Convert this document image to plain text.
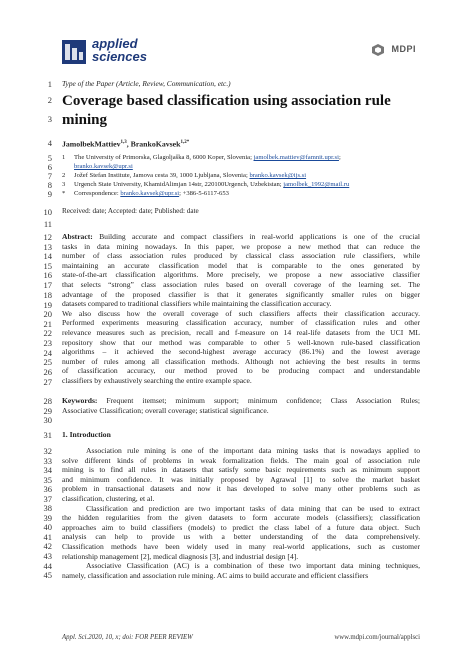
applied
sciences	MDPI
1
2
3
4
5
6
7
8
9
10
11
12
13
14
15
16
17
18
19
20
21
22
23
24
25
26
27
28
29
30
31
32
33
34
35
36
37
38
39
40
41
42
43
44
45
Type of the Paper (Article, Review, Communication, etc.)
Coverage based classification using association rule
mining
JamolbekMattiev$^{1,3}$, BrankoKavsek$^{1,2*}$
1 The University of Primorska, Glagoljaška 8, 6000 Koper, Slovenia; jamolbek.mattiev@famnit.upr.si;
branko.kavsek@upr.si
2 Jožef Stefan Institute, Jamova cesta 39, 1000 Ljubljana, Slovenia; branko.kavsek@ijs.si
3 Urgench State University, KhamidAlimjan 14str, 220100Urgench, Uzbekistan; jamolbek_1992@mail.ru
* Correspondence: branko.kavsek@upr.si; +386-5-6117-653
Received: date; Accepted: date; Published: date
Abstract: Building accurate and compact classifiers in real-world applications is one of the crucial
tasks in data mining nowadays. In this paper, we propose a new method that can reduce the
number of class association rules produced by classical class association rule classifiers, while
maintaining an accurate classification model that is comparable to the ones generated by
state-of-the-art classification algorithms. More precisely, we propose a new associative classifier
that selects “strong” class association rules based on overall coverage of the learning set. The
advantage of the proposed classifier is that it generates significantly smaller rules on bigger
datasets compared to traditional classifiers while maintaining the classification accuracy.
We also discuss how the overall coverage of such classifiers affects their classification accuracy.
Performed experiments measuring classification accuracy, number of classification rules and other
relevance measures such as precision, recall and f-measure on 14 real-life datasets from the UCI ML
repository show that our method was comparable to other 5 well-known rule-based classification
algorithms – it achieved the second-highest average accuracy (86.1%) and the lowest average
number of rules among all classification methods. Although not achieving the best results in terms
of classification accuracy, our method proved to be producing compact and understandable
classifiers by exhaustively searching the entire example space.
Keywords: Frequent itemset; minimum support; minimum confidence; Class Association Rules;
Associative Classification; overall coverage; statistical significance.
1. Introduction
Association rule mining is one of the important data mining tasks that is nowadays applied to
solve different kinds of problems in weak formalization fields. The main goal of association rule
mining is to find all rules in datasets that satisfy some basic requirements such as minimum support
and minimum confidence. It was initially proposed by Agrawal [1] to solve the market basket
problem in transactional datasets and now it has developed to solve many other problems such as
classification, clustering, et al.
Classification and prediction are two important tasks of data mining that can be used to extract
the hidden regularities from the given datasets to form accurate models (classifiers); classification
approaches aim to build classifiers (models) to predict the class label of a future data object. Such
analysis can help to provide us with a better understanding of the data comprehensively.
Classification methods have been widely used in many real-world applications, such as customer
relationship management [2], medical diagnosis [3], and industrial design [4].
Associative Classification (AC) is a combination of these two important data mining techniques,
namely, classification and association rule mining. AC aims to build accurate and efficient classifiers
Appl. Sci.2020, 10, x; doi: FOR PEER REVIEW	www.mdpi.com/journal/applsci
